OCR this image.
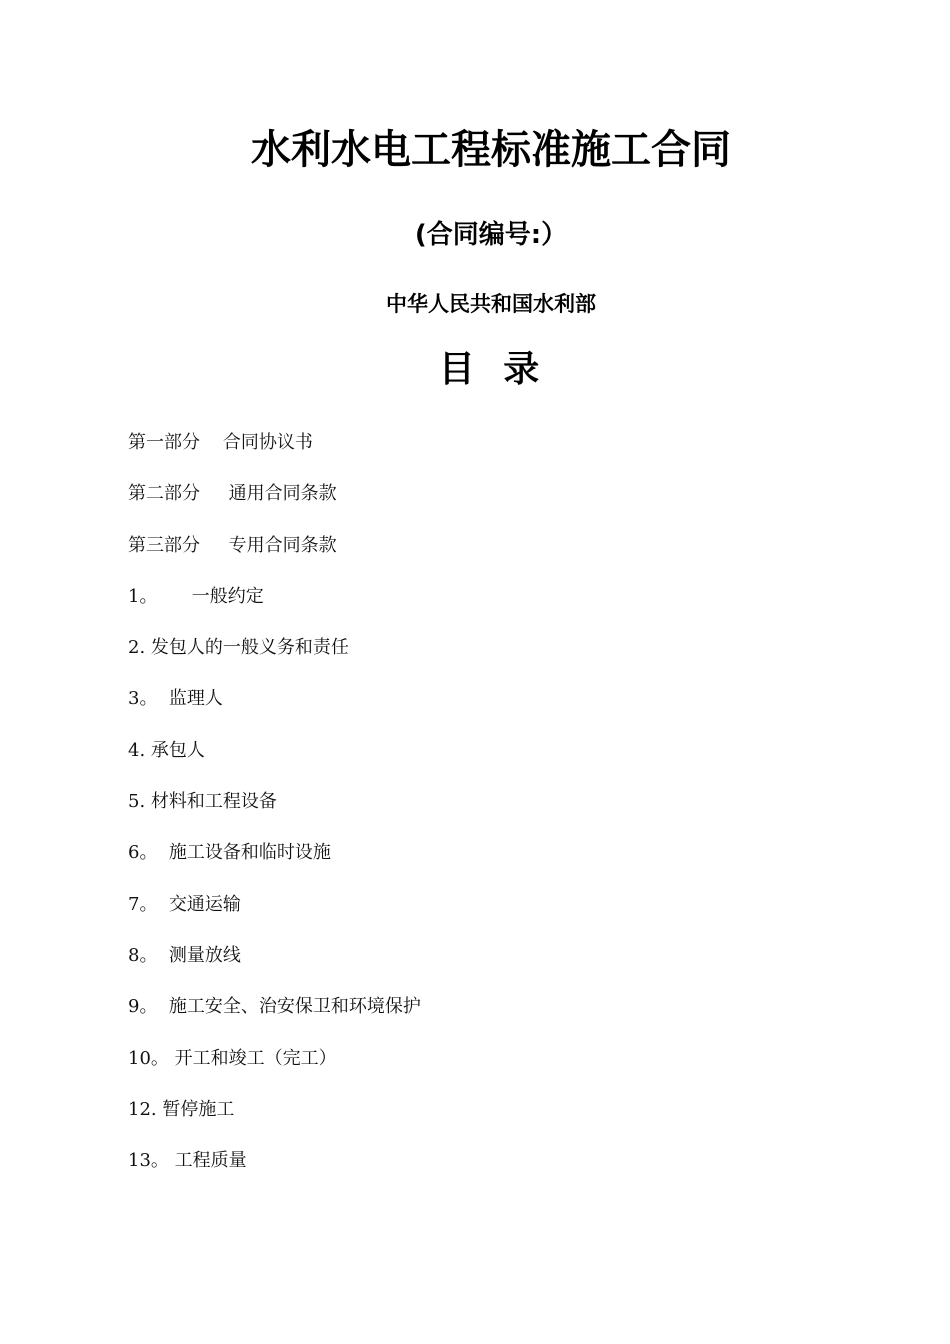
水利水电工程标准施工合同

(合同编号:）

中华人民共和国水利部

目 录
第一部分    合同协议书
第二部分     通用合同条款
第三部分     专用合同条款
1。      一般约定
2. 发包人的一般义务和责任
3。  监理人
4. 承包人
5. 材料和工程设备
6。  施工设备和临时设施
7。  交通运输
8。  测量放线
9。  施工安全、治安保卫和环境保护
10。 开工和竣工（完工）
12. 暂停施工
13。 工程质量
